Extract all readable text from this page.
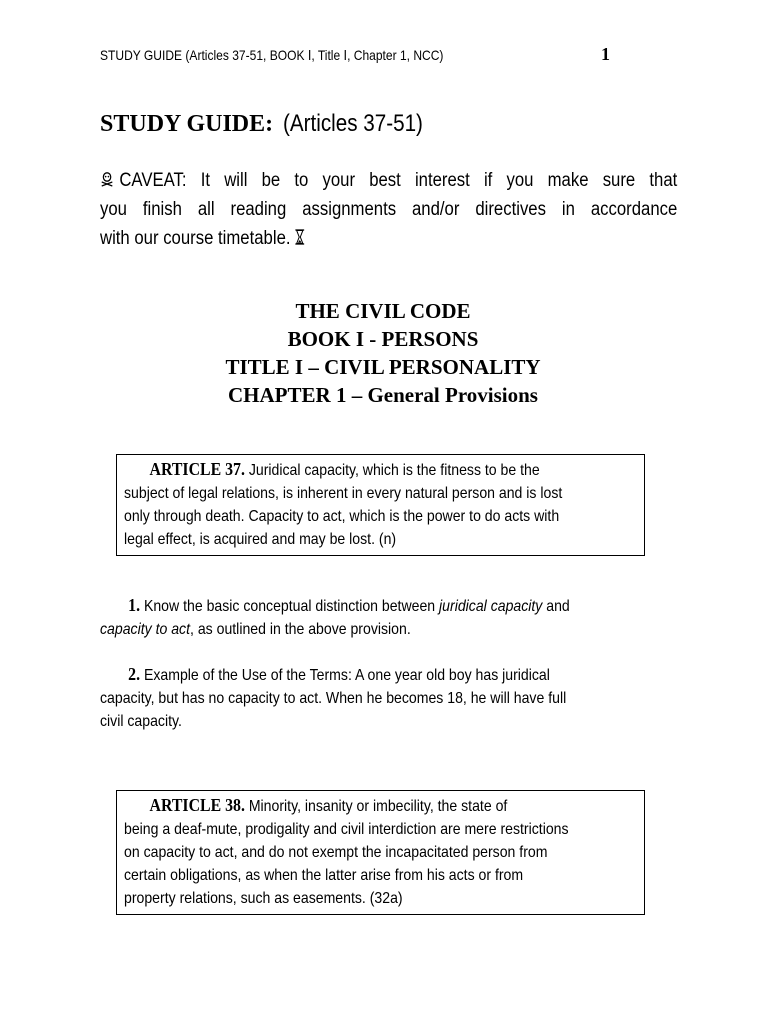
STUDY GUIDE (Articles 37-51, BOOK Ⅰ, Title Ⅰ, Chapter 1, NCC)	1
STUDY GUIDE: (Articles 37-51)
CAVEAT: It will be to your best interest if you make sure that you finish all reading assignments and/or directives in accordance with our course timetable.
THE CIVIL CODE
BOOK I - PERSONS
TITLE I – CIVIL PERSONALITY
CHAPTER 1 – General Provisions
ARTICLE 37. Juridical capacity, which is the fitness to be the subject of legal relations, is inherent in every natural person and is lost only through death. Capacity to act, which is the power to do acts with legal effect, is acquired and may be lost. (n)
1. Know the basic conceptual distinction between juridical capacity and capacity to act, as outlined in the above provision.
2. Example of the Use of the Terms: A one year old boy has juridical capacity, but has no capacity to act. When he becomes 18, he will have full civil capacity.
ARTICLE 38. Minority, insanity or imbecility, the state of being a deaf-mute, prodigality and civil interdiction are mere restrictions on capacity to act, and do not exempt the incapacitated person from certain obligations, as when the latter arise from his acts or from property relations, such as easements. (32a)
